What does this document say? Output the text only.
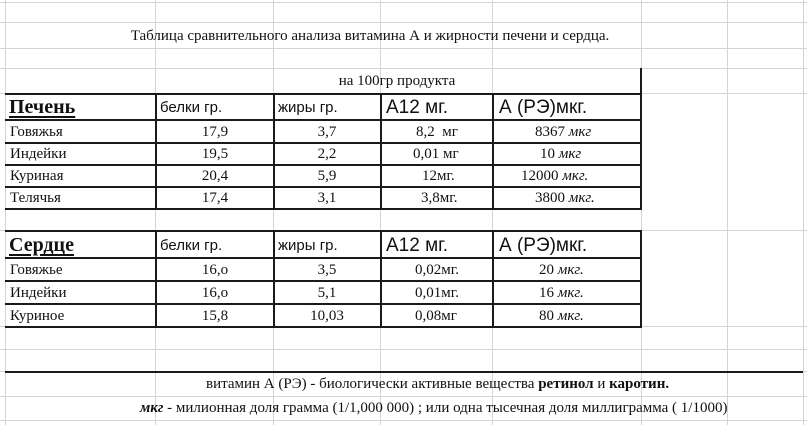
Таблица сравнительного анализа витамина А и жирности печени и сердца.
на 100гр продукта
Печень	белки гр.	жиры гр.	А12 мг.	А (РЭ)мкг.
Говяжья	17,9	3,7	8,2  мг	8367 мкг
Индейки	19,5	2,2	0,01 мг	10 мкг
Куриная	20,4	5,9	12мг.	12000 мкг.
Телячья	17,4	3,1	3,8мг.	3800 мкг.
Сердце	белки гр.	жиры гр.	А12 мг.	А (РЭ)мкг.
Говяжье	16,о	3,5	0,02мг.	20 мкг.
Индейки	16,о	5,1	0,01мг.	16 мкг.
Куриное	15,8	10,03	0,08мг	80 мкг.
витамин А (РЭ) - биологически активные вещества ретинол и каротин.
мкг - милионная доля грамма (1/1,000 000) ; или одна тысечная доля миллиграмма ( 1/1000)
